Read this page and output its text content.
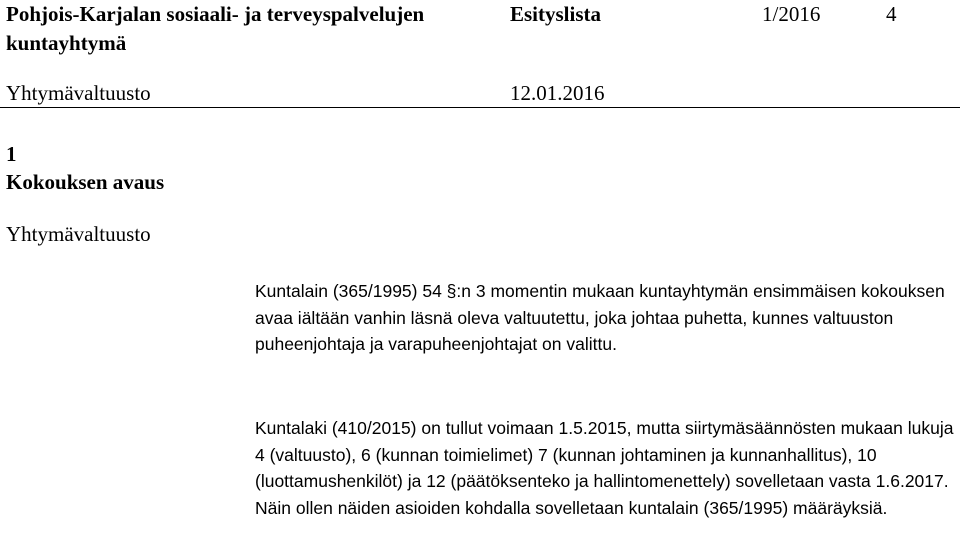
Pohjois-Karjalan sosiaali- ja terveyspalvelujen kuntayhtymä
Esityslista	1/2016	4
Yhtymävaltuusto	12.01.2016
1
Kokouksen avaus
Yhtymävaltuusto

Kuntalain (365/1995) 54 §:n 3 momentin mukaan kuntayhtymän ensimmäisen kokouksen avaa iältään vanhin läsnä oleva valtuutettu, joka johtaa puhetta, kunnes valtuuston puheenjohtaja ja varapuheenjohtajat on valittu.

Kuntalaki (410/2015) on tullut voimaan 1.5.2015, mutta siirtymäsäännösten mukaan lukuja 4 (valtuusto), 6 (kunnan toimielimet) 7 (kunnan johtaminen ja kunnanhallitus), 10 (luottamushenkilöt) ja 12 (päätöksenteko ja hallintomenettely) sovelletaan vasta 1.6.2017. Näin ollen näiden asioiden kohdalla sovelletaan kuntalain (365/1995) määräyksiä.
